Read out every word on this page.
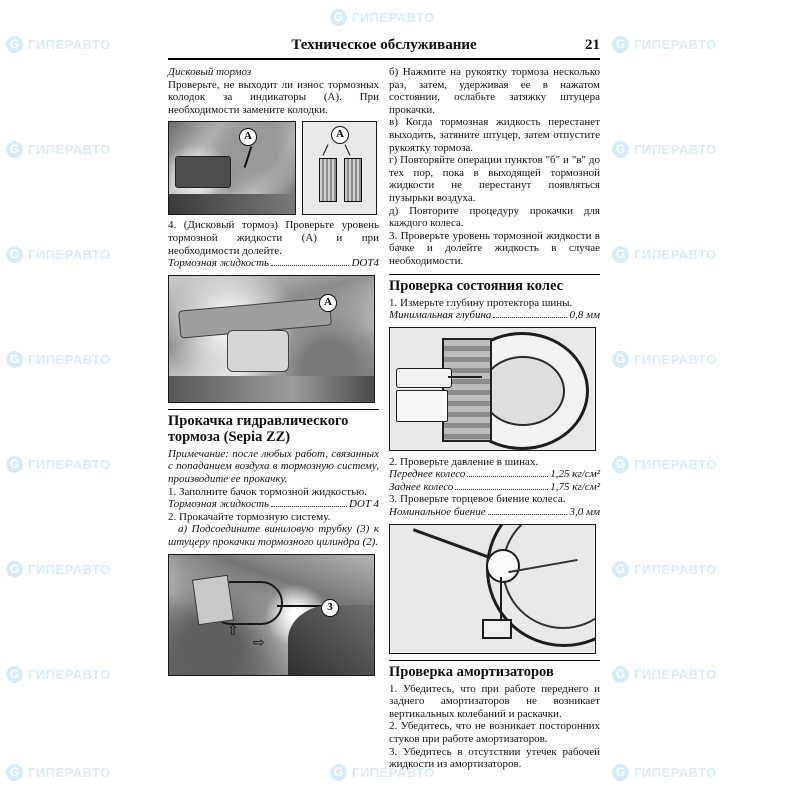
G
ГИПЕРАВТО G	ГИПЕРАВТО
G
ГИПЕРАВТО G	ГИПЕРАВТО
G
ГИПЕРАВТО G	ГИПЕРАВТО
G
ГИПЕРАВТО G	ГИПЕРАВТО
G
ГИПЕРАВТО G	ГИПЕРАВТО
G
ГИПЕРАВТО G	ГИПЕРАВТО
G
ГИПЕРАВТО G	ГИПЕРАВТО
G
ГИПЕРАВТО G	ГИПЕРАВТО G	ГИПЕРАВТО
G
ГИПЕРАВТО
Техническое обслуживание	21

Дисковый тормоз

Проверьте, не выходит ли износ тормозных колодок за индикаторы (А). При необходимости замените колодки.

А	А

4. (Дисковый тормоз) Проверьте уровень тормозной жидкости (А) и при необходимости долейте.

Тормозная жидкость	DOT4
А
Прокачка гидравлического тормоза (Sepia ZZ)

Примечание: после любых работ, связанных с попаданием воздуха в тормозную систему, производите ее прокачку.

1. Заполните бачок тормозной жидкостью.

Тормозная жидкость	DOT 4

2. Прокачайте тормозную систему.

а) Подсоедините виниловую трубку (3) к штуцеру прокачки тормозного цилиндра (2).

3
⇧
⇨

б) Нажмите на рукоятку тормоза несколько раз, затем, удерживая ее в нажатом состоянии, ослабьте затяжку штуцера прокачки.

в) Когда тормозная жидкость перестанет выходить, затяните штуцер, затем отпустите рукоятку тормоза.

г) Повторяйте операции пунктов "б" и "в" до тех пор, пока в выходящей тормозной жидкости не перестанут появляться пузырьки воздуха.

д) Повторите процедуру прокачки для каждого колеса.

3. Проверьте уровень тормозной жидкости в бачке и долейте жидкость в случае необходимости.

Проверка состояния колес

1. Измерьте глубину протектора шины.

Минимальная глубина	0,8 мм

2. Проверьте давление в шинах.

Переднее колесо	1,25 кг/см²
Заднее колесо	1,75 кг/см²

3. Проверьте торцевое биение колеса.

Номинальное биение	3,0 мм
Проверка амортизаторов

1. Убедитесь, что при работе переднего и заднего амортизаторов не возникает вертикальных колебаний и раскачки.

2. Убедитесь, что не возникает посторонних стуков при работе амортизаторов.

3. Убедитесь в отсутствии утечек рабочей жидкости из амортизаторов.
